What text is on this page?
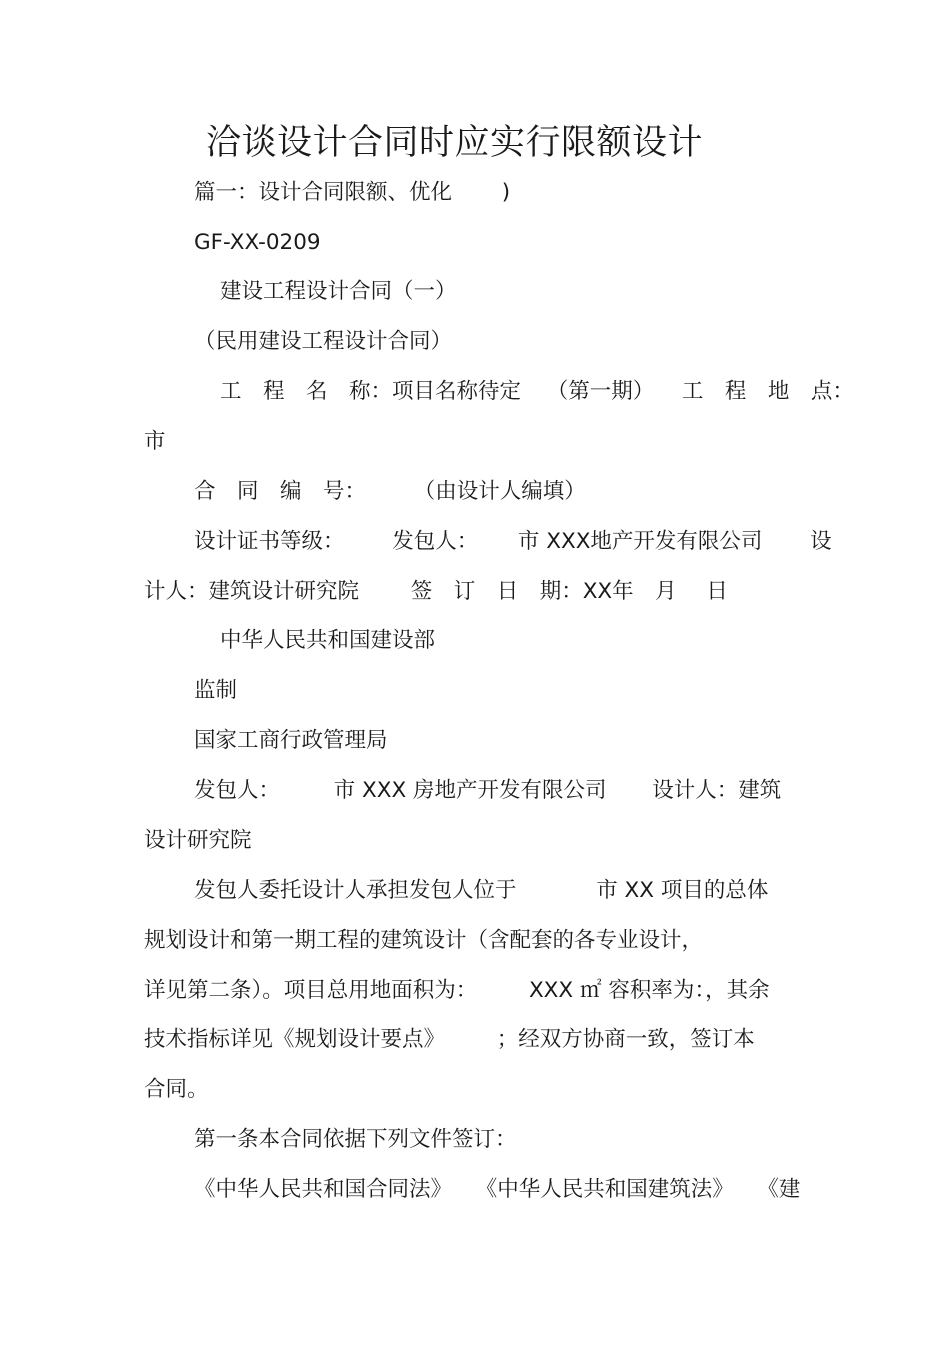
洽谈设计合同时应实行限额设计
篇一：设计合同限额、优化 )
GF-XX-0209
建设工程设计合同（一）
（民用建设工程设计合同）
工　程　名　称：项目名称待定 （第一期） 工　程　地　点：
市
合　同　编　号： （由设计人编填）
设计证书等级： 发包人： 市 XXX地产开发有限公司 设
计人：建筑设计研究院 签　订　日　期：XX年　月 日
中华人民共和国建设部
监制
国家工商行政管理局
发包人： 市 XXX 房地产开发有限公司 设计人：建筑
设计研究院
发包人委托设计人承担发包人位于	市 XX 项目的总体
规划设计和第一期工程的建筑设计（含配套的各专业设计，
详见第二条）。项目总用地面积为： XXX ㎡ 容积率为：，其余
技术指标详见《规划设计要点》 ；经双方协商一致，签订本
合同。
第一条本合同依据下列文件签订：
《中华人民共和国合同法》 《中华人民共和国建筑法》 《建
